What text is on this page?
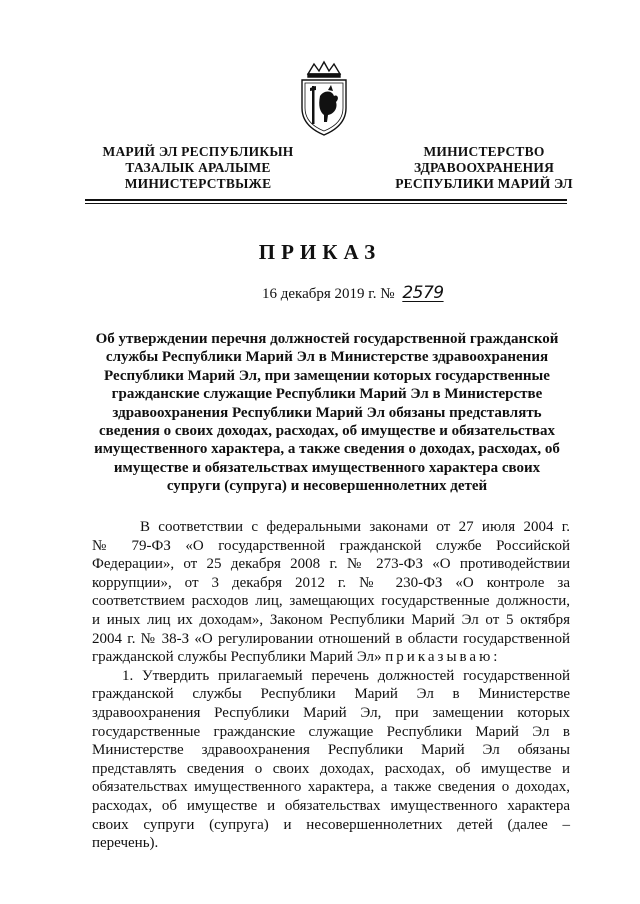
МАРИЙ ЭЛ РЕСПУБЛИКЫН
ТАЗАЛЫК АРАЛЫМЕ
МИНИСТЕРСТВЫЖЕ
МИНИСТЕРСТВО
ЗДРАВООХРАНЕНИЯ
РЕСПУБЛИКИ МАРИЙ ЭЛ
ПРИКАЗ
16 декабря 2019 г. № 2579
Об утверждении перечня должностей государственной гражданской
службы Республики Марий Эл в Министерстве здравоохранения
Республики Марий Эл, при замещении которых государственные
гражданские служащие Республики Марий Эл в Министерстве
здравоохранения Республики Марий Эл обязаны представлять
сведения о своих доходах, расходах, об имуществе и обязательствах
имущественного характера, а также сведения о доходах, расходах, об
имуществе и обязательствах имущественного характера своих
супруги (супруга) и несовершеннолетних детей
В соответствии с федеральными законами от 27 июля 2004 г.
№ 79-ФЗ «О государственной гражданской службе Российской
Федерации», от 25 декабря 2008 г. № 273-ФЗ «О противодействии
коррупции», от 3 декабря 2012 г. № 230-ФЗ «О контроле за
соответствием расходов лиц, замещающих государственные должности,
и иных лиц их доходам», Законом Республики Марий Эл от 5 октября
2004 г. № 38-З «О регулировании отношений в области государственной
гражданской службы Республики Марий Эл» приказываю:
1. Утвердить прилагаемый перечень должностей государственной
гражданской службы Республики Марий Эл в Министерстве
здравоохранения Республики Марий Эл, при замещении которых
государственные гражданские служащие Республики Марий Эл в
Министерстве здравоохранения Республики Марий Эл обязаны
представлять сведения о своих доходах, расходах, об имуществе и
обязательствах имущественного характера, а также сведения о доходах,
расходах, об имуществе и обязательствах имущественного характера
своих супруги (супруга) и несовершеннолетних детей (далее –
перечень).
